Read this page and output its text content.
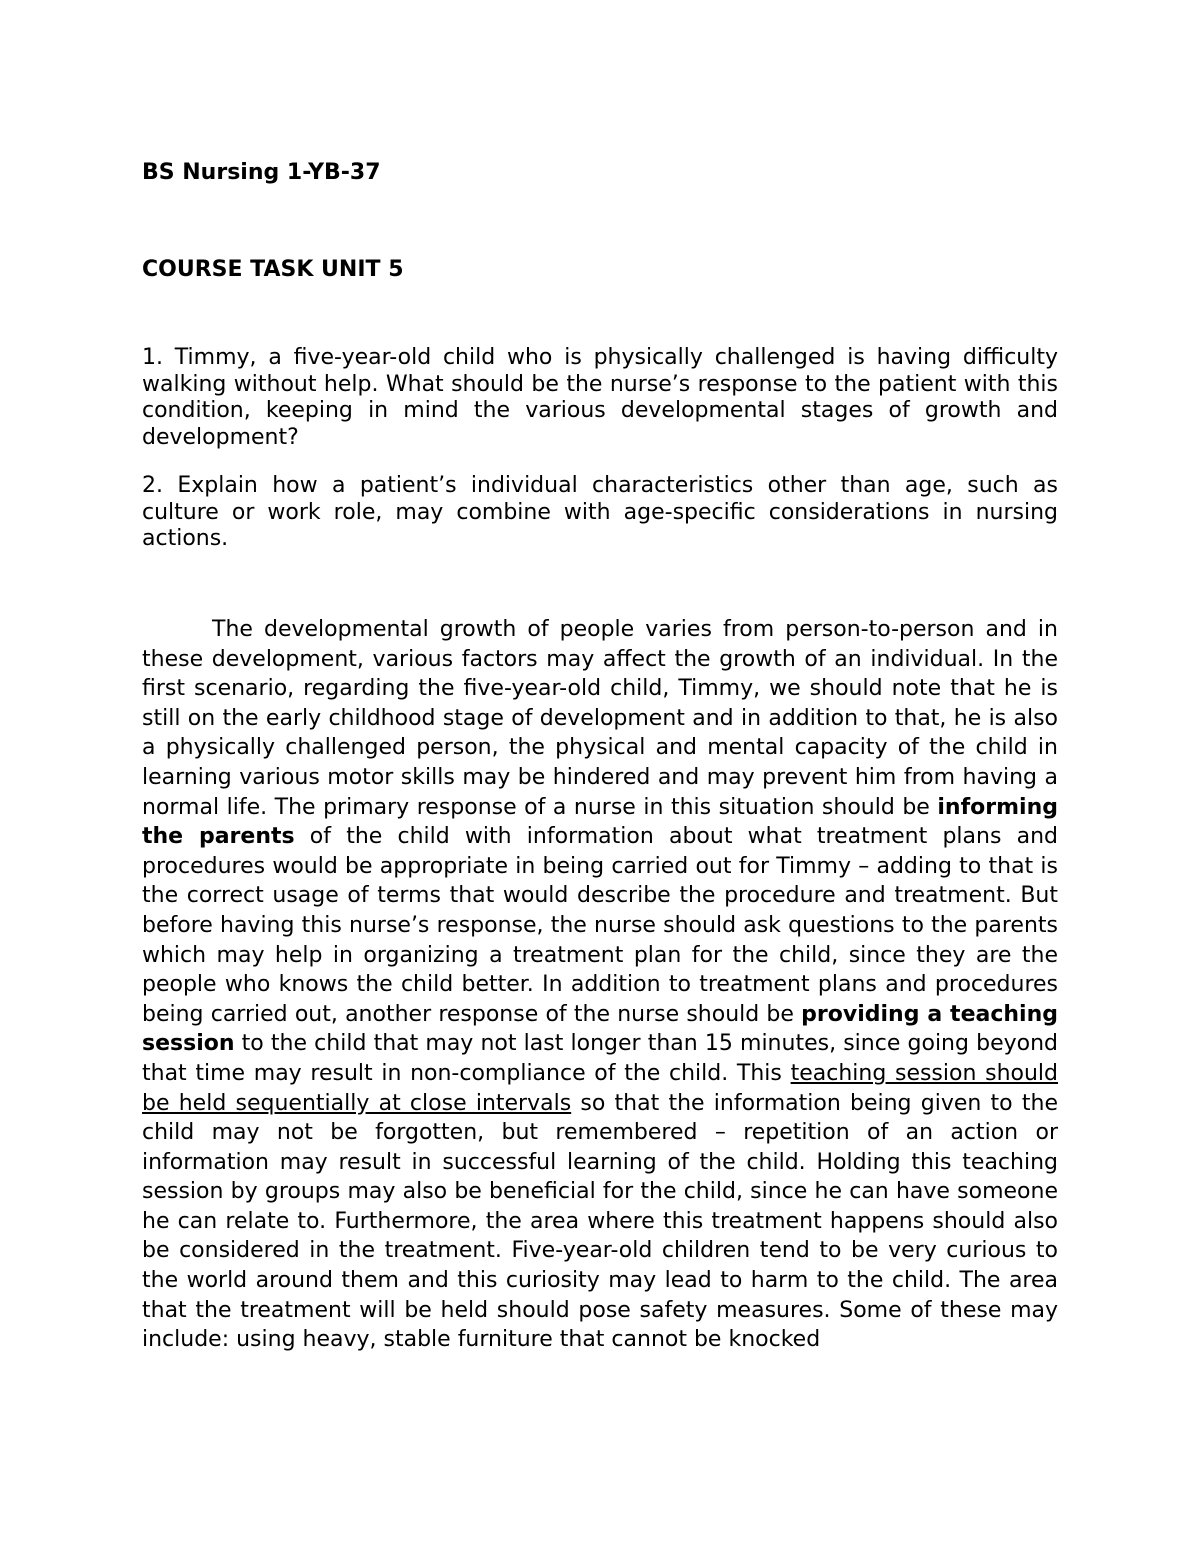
BS Nursing 1-YB-37

COURSE TASK UNIT 5

1. Timmy, a five-year-old child who is physically challenged is having difficulty walking without help. What should be the nurse’s response to the patient with this condition, keeping in mind the various developmental stages of growth and development?

2. Explain how a patient’s individual characteristics other than age, such as culture or work role, may combine with age-specific considerations in nursing actions.

The developmental growth of people varies from person-to-person and in these development, various factors may affect the growth of an individual. In the first scenario, regarding the five-year-old child, Timmy, we should note that he is still on the early childhood stage of development and in addition to that, he is also a physically challenged person, the physical and mental capacity of the child in learning various motor skills may be hindered and may prevent him from having a normal life. The primary response of a nurse in this situation should be informing the parents of the child with information about what treatment plans and procedures would be appropriate in being carried out for Timmy – adding to that is the correct usage of terms that would describe the procedure and treatment. But before having this nurse’s response, the nurse should ask questions to the parents which may help in organizing a treatment plan for the child, since they are the people who knows the child better. In addition to treatment plans and procedures being carried out, another response of the nurse should be providing a teaching session to the child that may not last longer than 15 minutes, since going beyond that time may result in non-compliance of the child. This teaching session should be held sequentially at close intervals so that the information being given to the child may not be forgotten, but remembered – repetition of an action or information may result in successful learning of the child. Holding this teaching session by groups may also be beneficial for the child, since he can have someone he can relate to. Furthermore, the area where this treatment happens should also be considered in the treatment. Five-year-old children tend to be very curious to the world around them and this curiosity may lead to harm to the child. The area that the treatment will be held should pose safety measures. Some of these may include: using heavy, stable furniture that cannot be knocked
